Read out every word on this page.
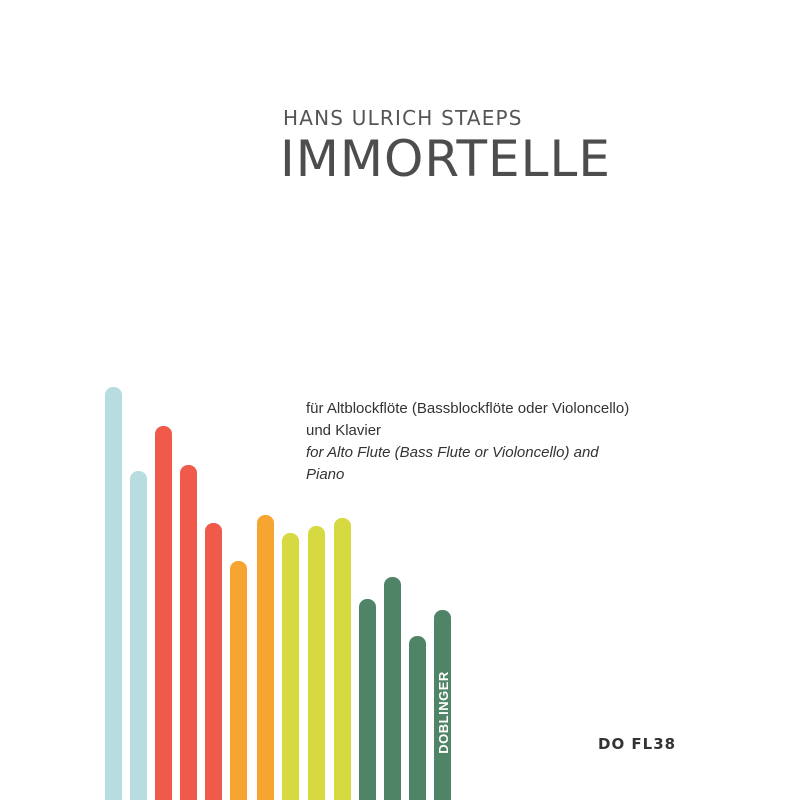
HANS ULRICH STAEPS
IMMORTELLE
für Altblockflöte (Bassblockflöte oder Violoncello)
und Klavier
for Alto Flute (Bass Flute or Violoncello) and
Piano
DOBLINGER	DO FL38
